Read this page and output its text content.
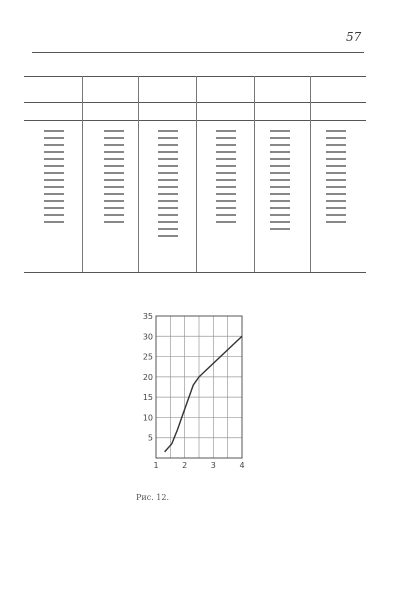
57
1	2	3	4
5
10
15
20
25
30
35
Рис. 12.
